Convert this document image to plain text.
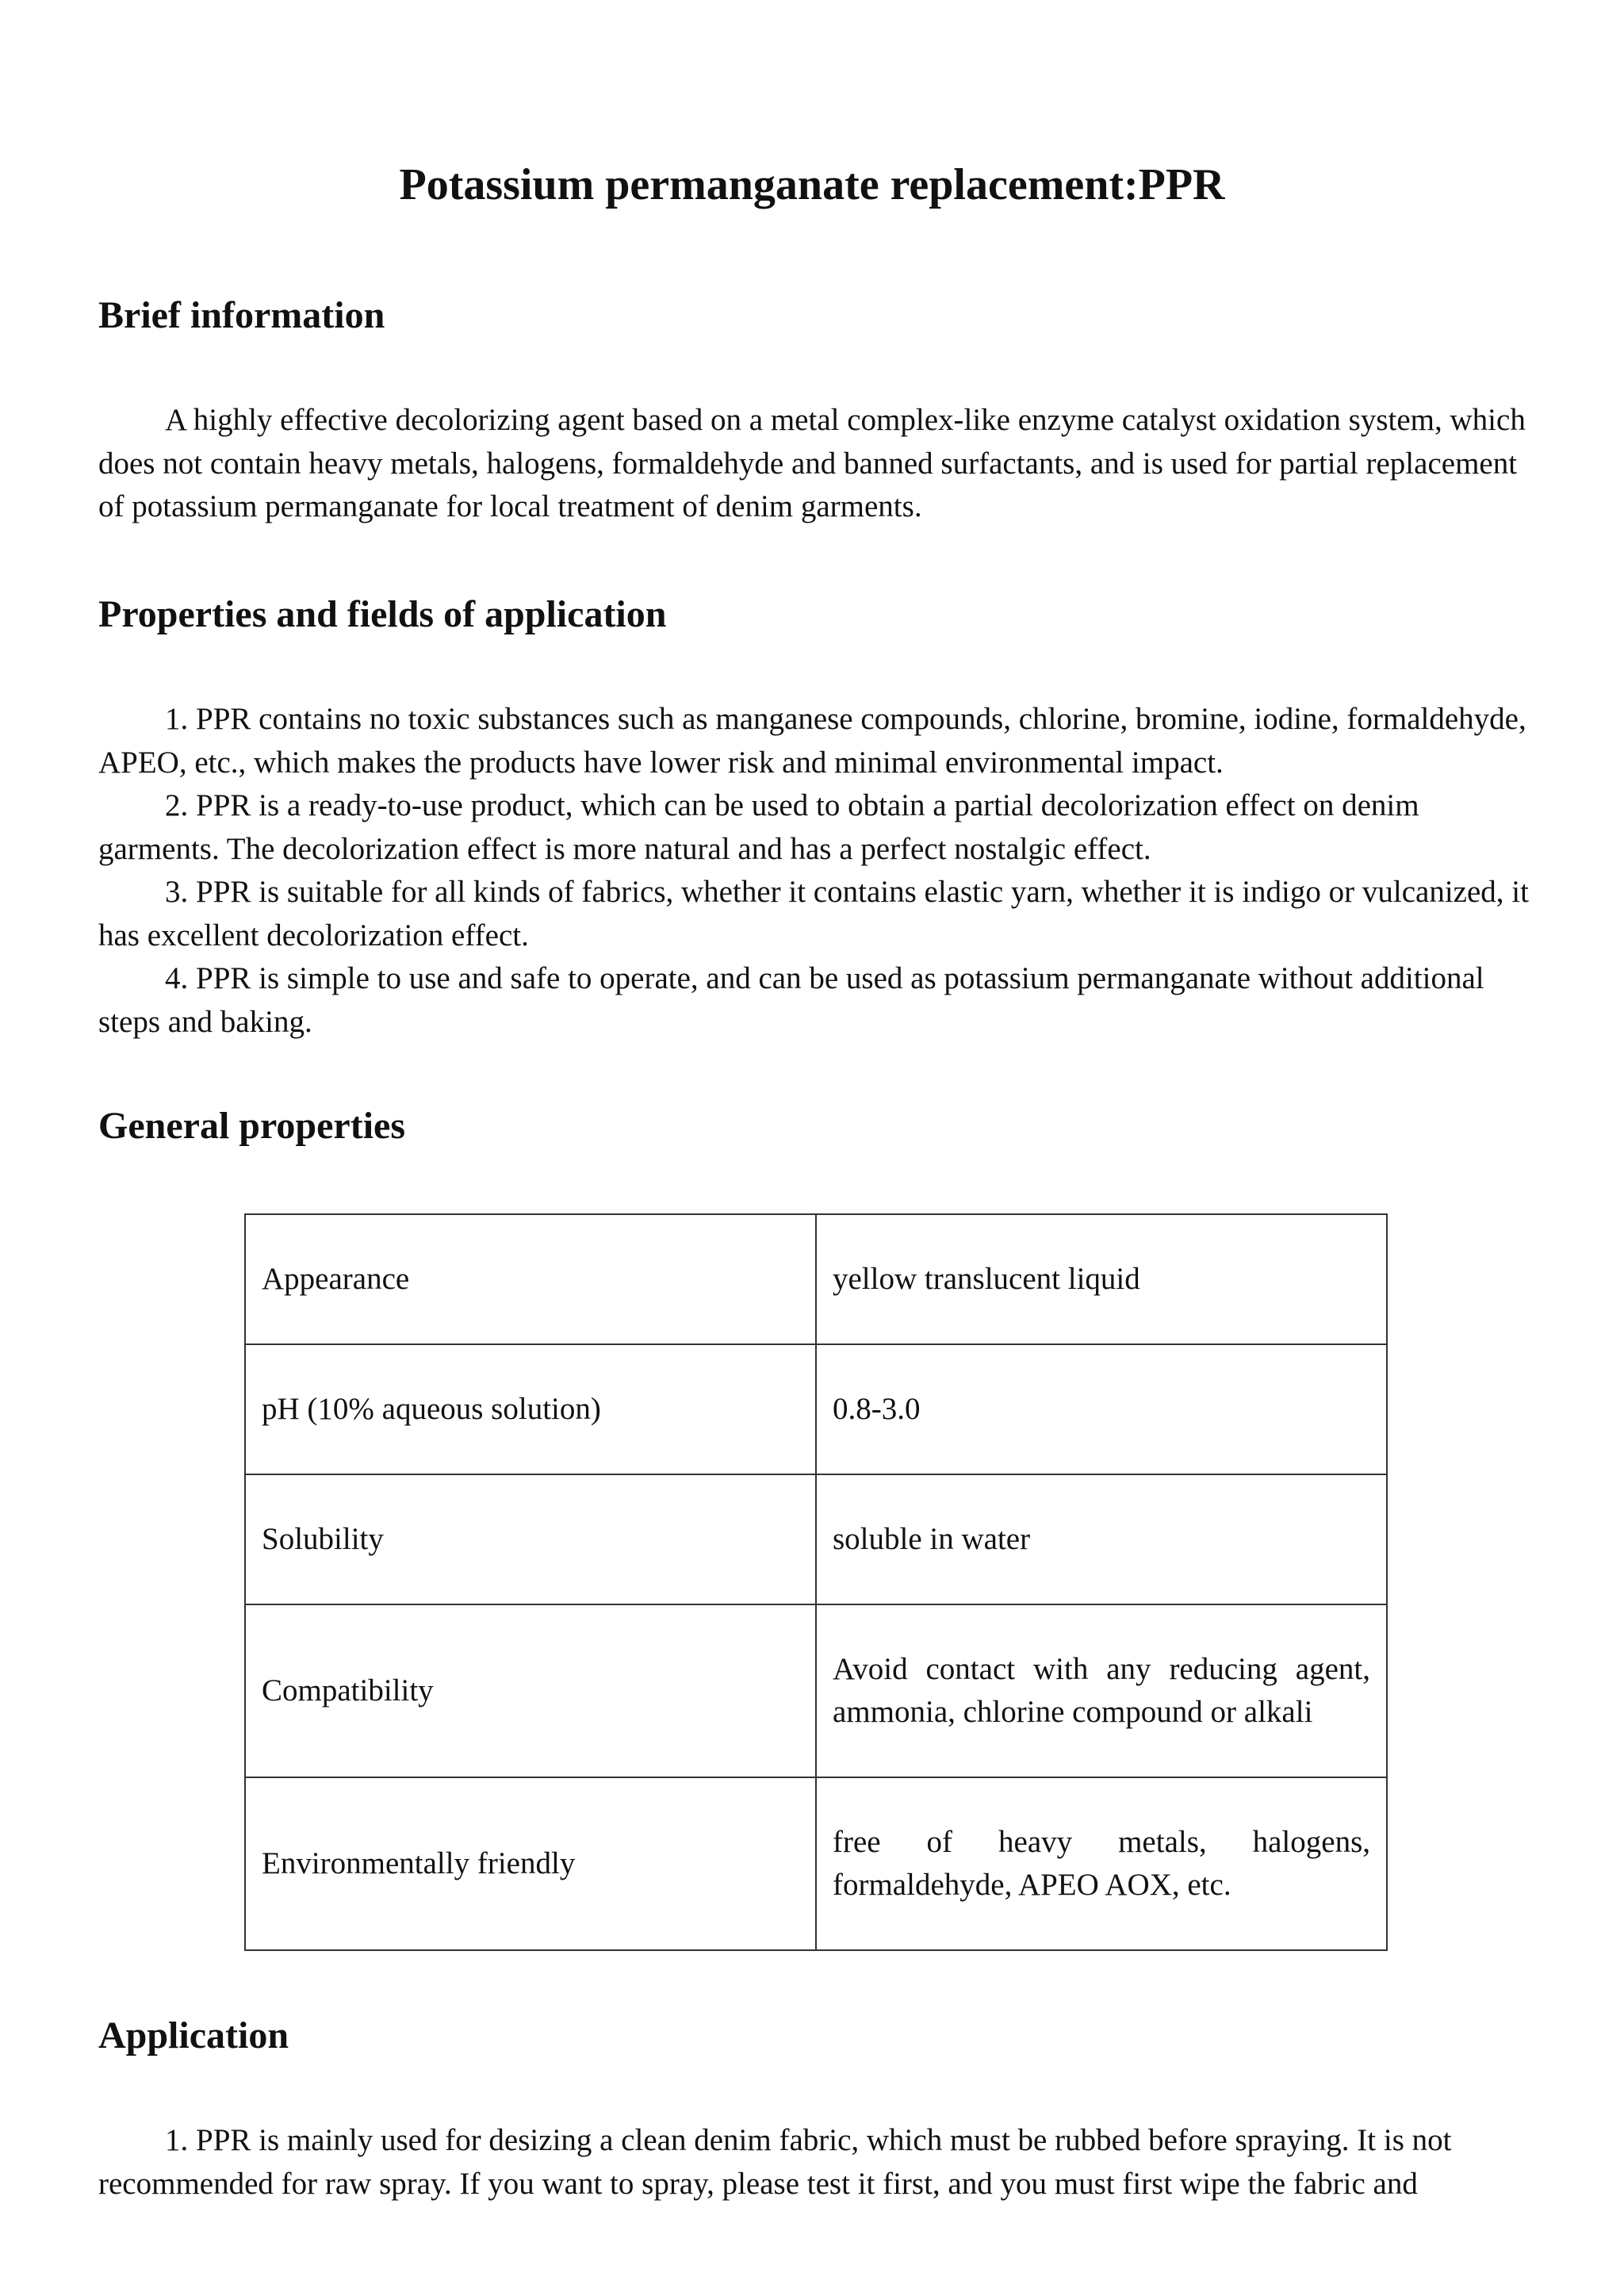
Potassium permanganate replacement:PPR
Brief information

A highly effective decolorizing agent based on a metal complex-like enzyme catalyst oxidation system, which does not contain heavy metals, halogens, formaldehyde and banned surfactants, and is used for partial replacement of potassium permanganate for local treatment of denim garments.

Properties and fields of application
1. PPR contains no toxic substances such as manganese compounds, chlorine, bromine, iodine, formaldehyde, APEO, etc., which makes the products have lower risk and minimal environmental impact.
2. PPR is a ready-to-use product, which can be used to obtain a partial decolorization effect on denim garments. The decolorization effect is more natural and has a perfect nostalgic effect.
3. PPR is suitable for all kinds of fabrics, whether it contains elastic yarn, whether it is indigo or vulcanized, it has excellent decolorization effect.
4. PPR is simple to use and safe to operate, and can be used as potassium permanganate without additional steps and baking.
General properties
Appearance	yellow translucent liquid
pH (10% aqueous solution)	0.8-3.0
Solubility	soluble in water
Compatibility	Avoid contact with any reducing agent, ammonia, chlorine compound or alkali
Environmentally friendly	free of heavy metals, halogens, formaldehyde, APEO AOX, etc.
Application

1. PPR is mainly used for desizing a clean denim fabric, which must be rubbed before spraying. It is not recommended for raw spray. If you want to spray, please test it first, and you must first wipe the fabric and
